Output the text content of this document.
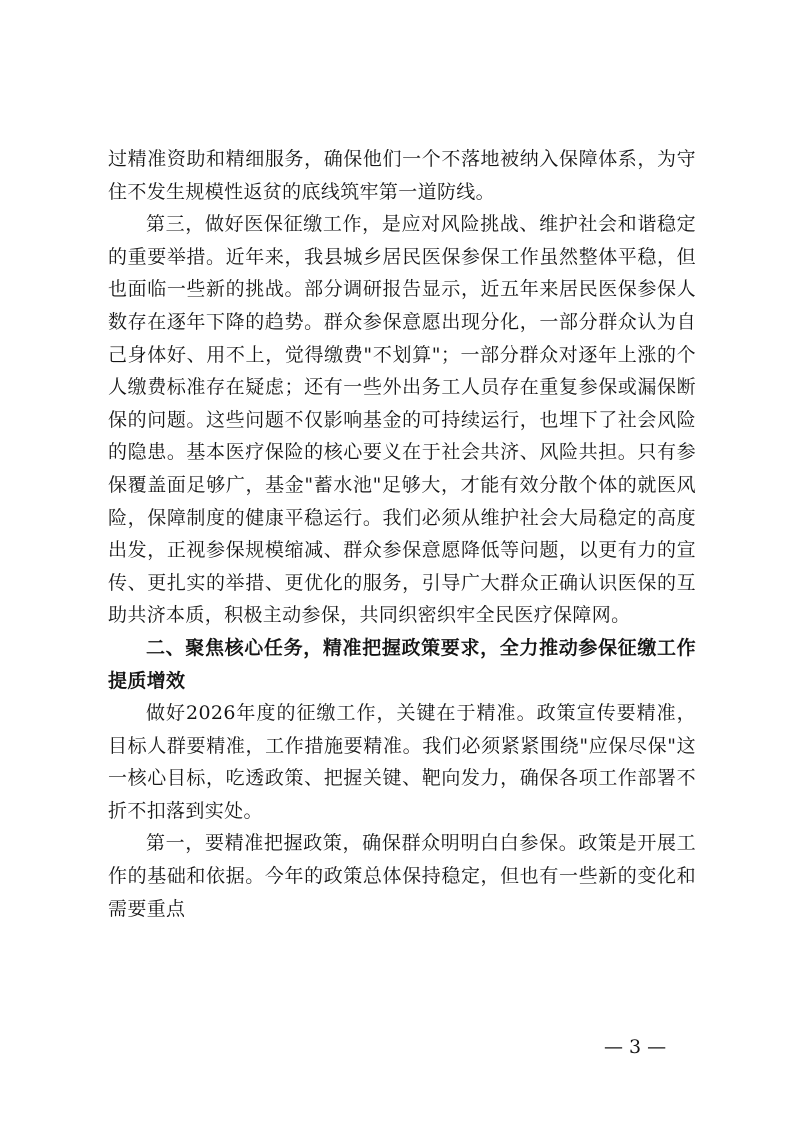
过精准资助和精细服务，确保他们一个不落地被纳入保障体系，为守住不发生规模性返贫的底线筑牢第一道防线。

第三，做好医保征缴工作，是应对风险挑战、维护社会和谐稳定的重要举措。近年来，我县城乡居民医保参保工作虽然整体平稳，但也面临一些新的挑战。部分调研报告显示，近五年来居民医保参保人数存在逐年下降的趋势。群众参保意愿出现分化，一部分群众认为自己身体好、用不上，觉得缴费"不划算"；一部分群众对逐年上涨的个人缴费标准存在疑虑；还有一些外出务工人员存在重复参保或漏保断保的问题。这些问题不仅影响基金的可持续运行，也埋下了社会风险的隐患。基本医疗保险的核心要义在于社会共济、风险共担。只有参保覆盖面足够广，基金"蓄水池"足够大，才能有效分散个体的就医风险，保障制度的健康平稳运行。我们必须从维护社会大局稳定的高度出发，正视参保规模缩减、群众参保意愿降低等问题，以更有力的宣传、更扎实的举措、更优化的服务，引导广大群众正确认识医保的互助共济本质，积极主动参保，共同织密织牢全民医疗保障网。

二、聚焦核心任务，精准把握政策要求，全力推动参保征缴工作提质增效

做好2026年度的征缴工作，关键在于精准。政策宣传要精准，目标人群要精准，工作措施要精准。我们必须紧紧围绕"应保尽保"这一核心目标，吃透政策、把握关键、靶向发力，确保各项工作部署不折不扣落到实处。

第一，要精准把握政策，确保群众明明白白参保。政策是开展工作的基础和依据。今年的政策总体保持稳定，但也有一些新的变化和需要重点

— 3 —
